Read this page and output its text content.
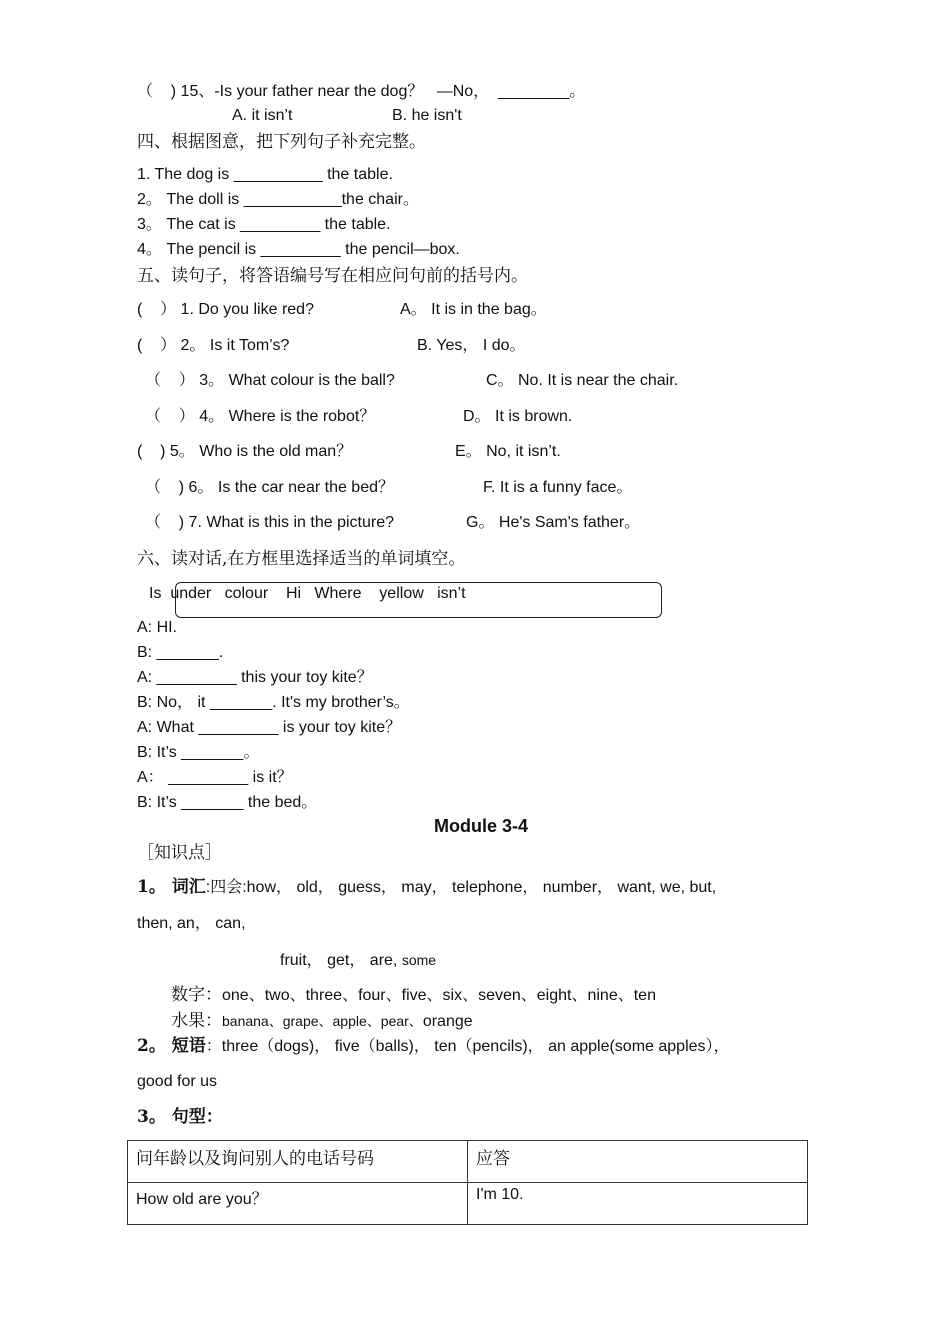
（    ) 15、-Is your father near the dog？   —No，  ________。
A. it isn’t	B. he isn't
四、根据图意，把下列句子补充完整。
1. The dog is __________ the table.
2。 The doll is ___________the chair。
3。 The cat is _________ the table.
4。 The pencil is _________ the pencil—box.
五、读句子，将答语编号写在相应问句前的括号内。
(    ） 1. Do you like red?	A。 It is in the bag。
(    ） 2。 Is it Tom’s?	B. Yes， I do。
（    ） 3。 What colour is the ball?	C。 No. It is near the chair.
（    ） 4。 Where is the robot？	D。 It is brown.
(    ) 5。 Who is the old man？	E。 No, it isn’t.
（    ) 6。 Is the car near the bed？	F. It is a funny face。
（    ) 7. What is this in the picture?	G。 He's Sam's father。
六、读对话,在方框里选择适当的单词填空。
Is  under   colour    Hi   Where    yellow   isn’t
A: HI.
B: _______.
A: _________ this your toy kite？
B: No， it _______. It's my brother’s。
A: What _________ is your toy kite？
B: It’s _______。
A： _________ is it？
B: It’s _______ the bed。
Module 3-4
［知识点］
1。 词汇:四会:how， old， guess， may， telephone， number， want, we, but,
then, an， can,
fruit， get， are, some
数字：one、two、three、four、five、six、seven、eight、nine、ten
水果：banana、grape、apple、pear、orange
2。 短语：three（dogs)， five（balls)， ten（pencils)， an apple(some apples），
good for us
3。 句型：
问年龄以及询问别人的电话号码	应答
How old are you？	I'm 10.
